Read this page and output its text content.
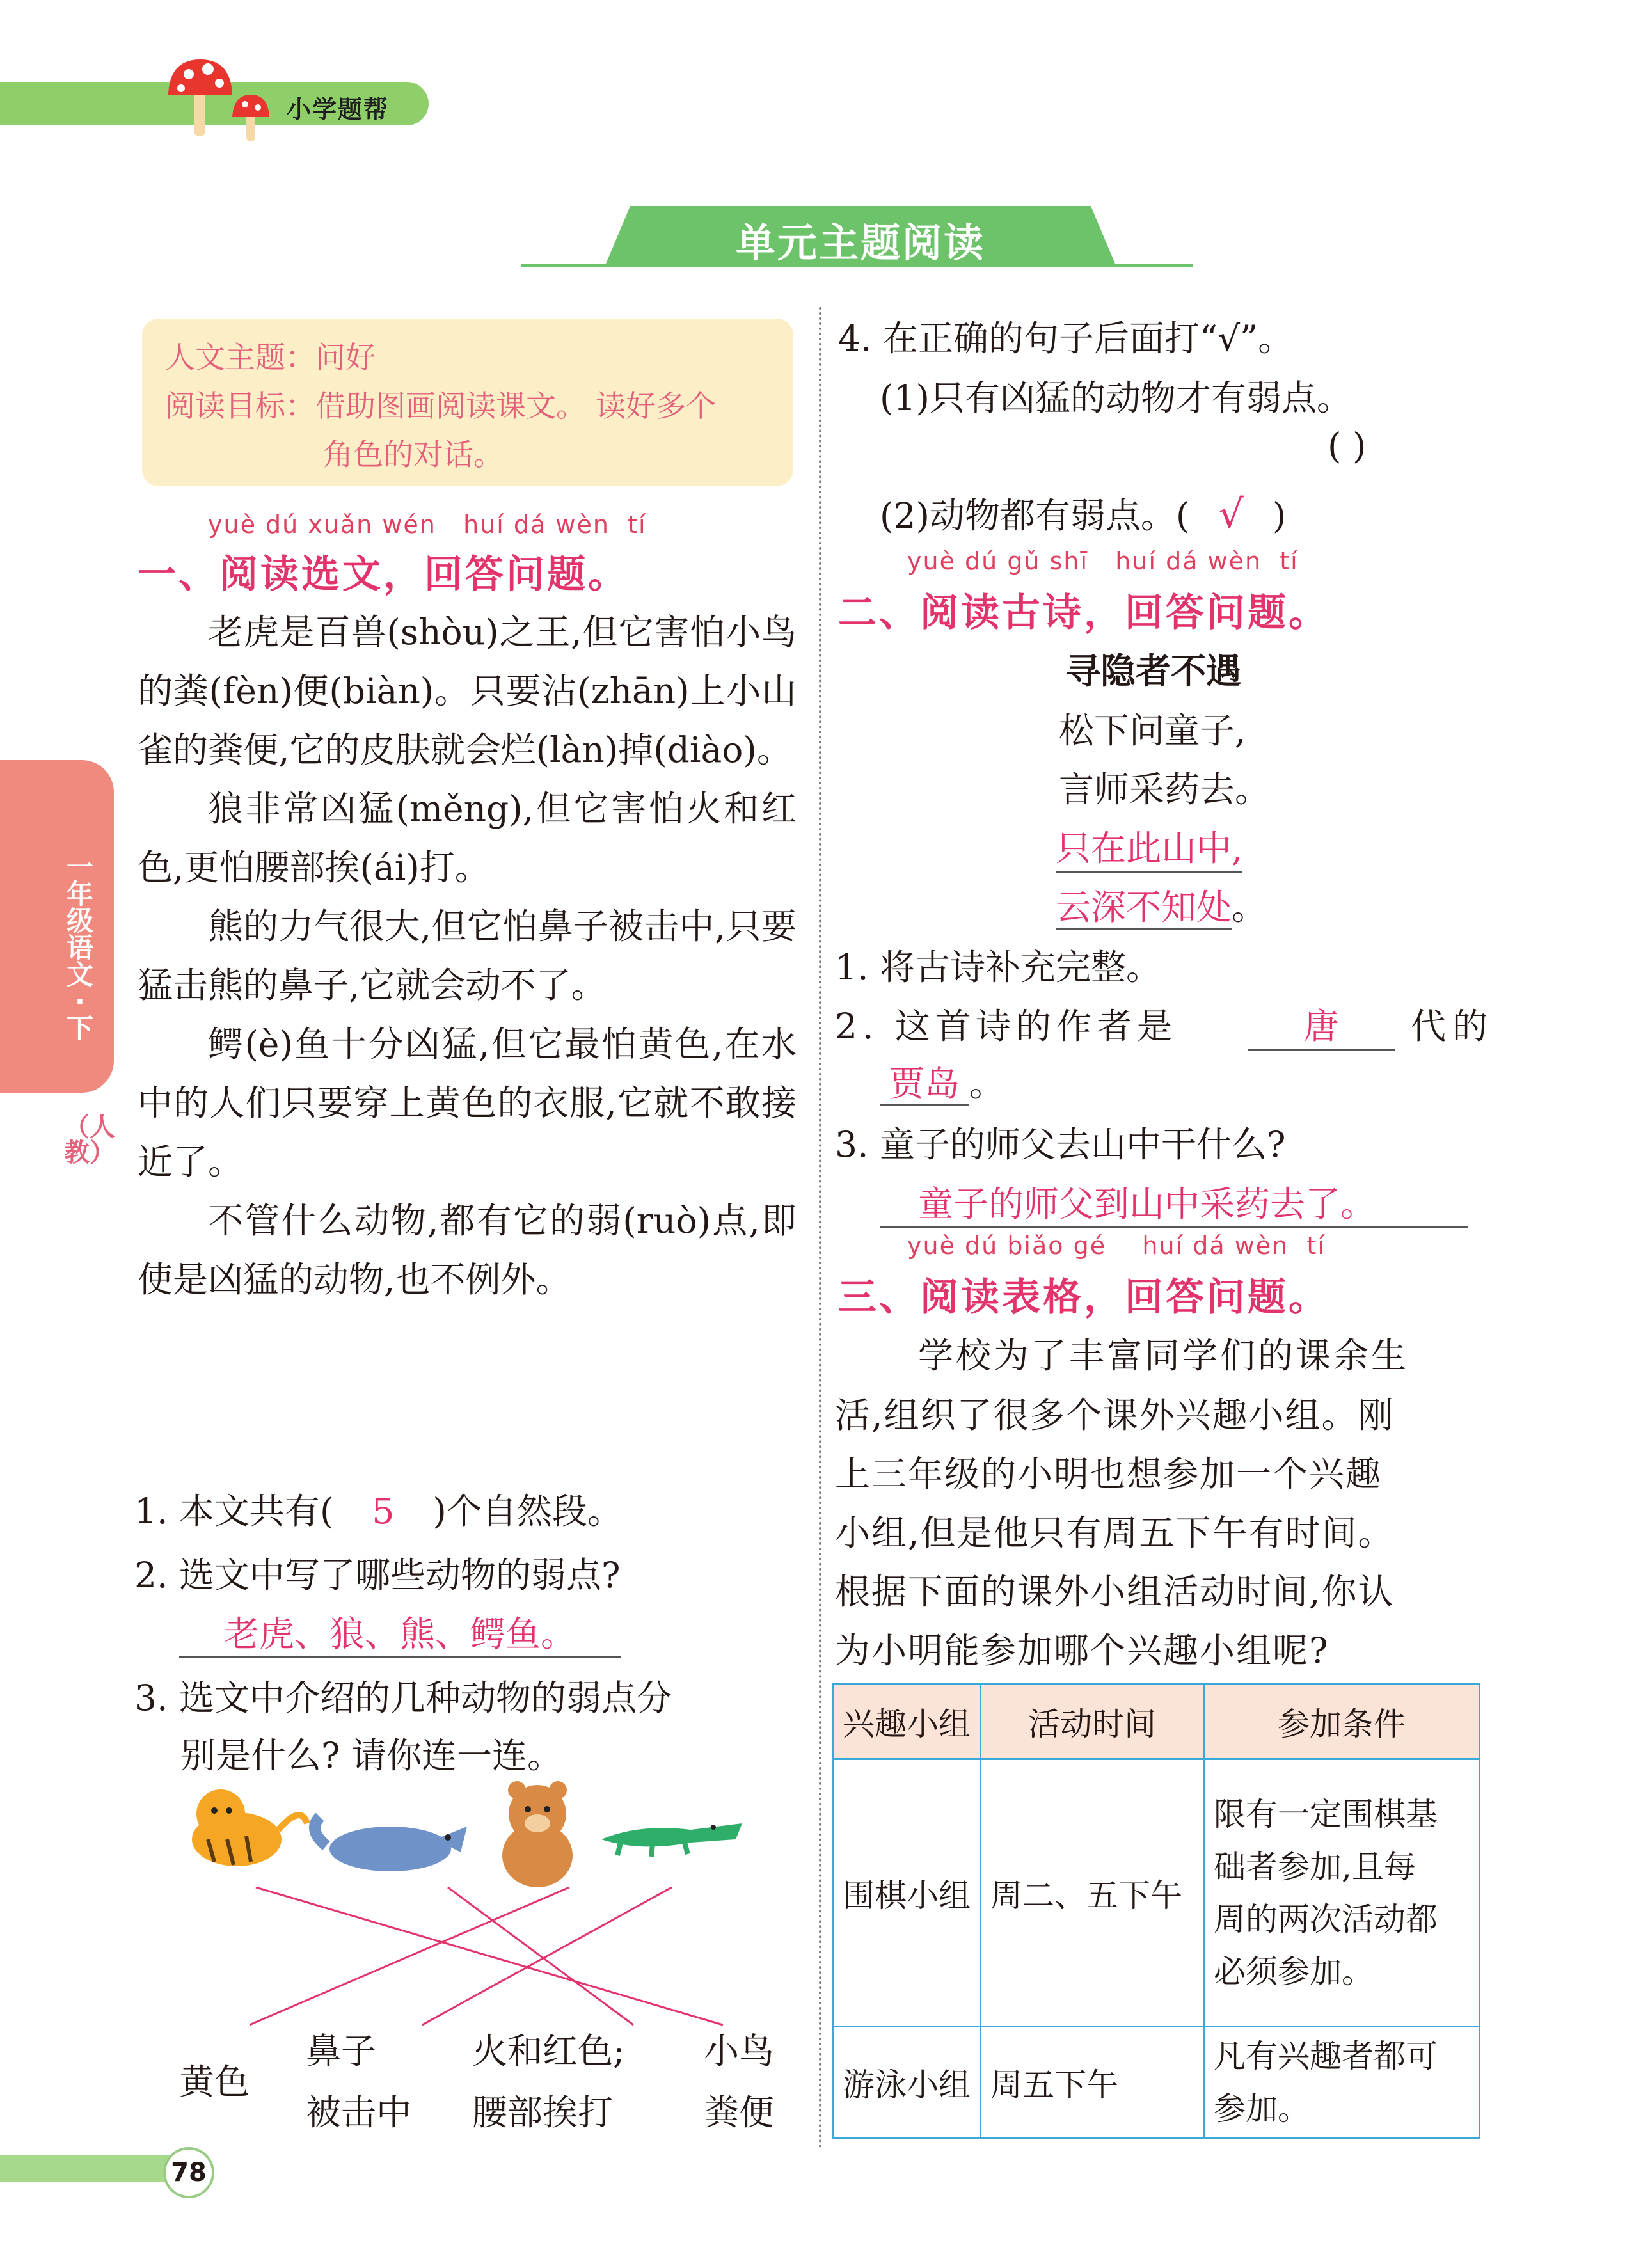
小学题帮
单元主题阅读
人文主题：问好
阅读目标：借助图画阅读课文。 读好多个
角色的对话。
一年级语文·下
（人教）
yuè dú xuǎn wén   huí dá wèn  tí
一、阅读选文，回答问题。

老虎是百兽(shòu)之王,但它害怕小鸟的粪(fèn)便(biàn)。只要沾(zhān)上小山雀的粪便,它的皮肤就会烂(làn)掉(diào)。

狼非常凶猛(měng),但它害怕火和红色,更怕腰部挨(ái)打。

熊的力气很大,但它怕鼻子被击中,只要猛击熊的鼻子,它就会动不了。

鳄(è)鱼十分凶猛,但它最怕黄色,在水中的人们只要穿上黄色的衣服,它就不敢接近了。

不管什么动物,都有它的弱(ruò)点,即使是凶猛的动物,也不例外。

1. 本文共有( 5 )个自然段。
2. 选文中写了哪些动物的弱点?
老虎、狼、熊、鳄鱼。
3. 选文中介绍的几种动物的弱点分
别是什么? 请你连一连。
黄色
鼻子
被击中
火和红色;
腰部挨打
小鸟
粪便
4. 在正确的句子后面打“√”。
(1)只有凶猛的动物才有弱点。
( )
(2)动物都有弱点。( √ )
yuè dú gǔ shī   huí dá wèn  tí
二、阅读古诗，回答问题。
寻隐者不遇
松下问童子,
言师采药去。
只在此山中,
云深不知处。
1. 将古诗补充完整。
2. 这首诗的作者是	唐	代的
贾岛 。
3. 童子的师父去山中干什么?
童子的师父到山中采药去了。
yuè dú biǎo gé    huí dá wèn  tí
三、阅读表格，回答问题。
学校为了丰富同学们的课余生
活,组织了很多个课外兴趣小组。刚
上三年级的小明也想参加一个兴趣
小组,但是他只有周五下午有时间。
根据下面的课外小组活动时间,你认
为小明能参加哪个兴趣小组呢?
兴趣小组	活动时间	参加条件
围棋小组	周二、五下午	限有一定围棋基
础者参加,且每
周的两次活动都
必须参加。

游泳小组	周五下午	凡有兴趣者都可
参加。
78
